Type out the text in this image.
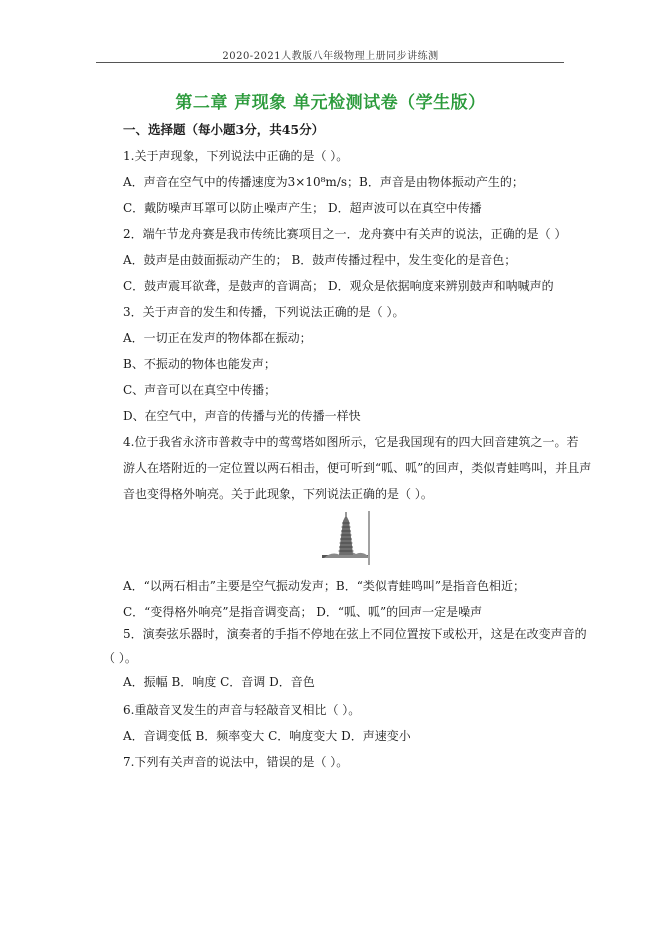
2020-2021人教版八年级物理上册同步讲练测
第二章 声现象 单元检测试卷（学生版）
一、选择题（每小题3分，共45分）
1.关于声现象，下列说法中正确的是（ ）。
A．声音在空气中的传播速度为3×10⁸m/s；B．声音是由物体振动产生的；
C．戴防噪声耳罩可以防止噪声产生； D．超声波可以在真空中传播
2．端午节龙舟赛是我市传统比赛项目之一．龙舟赛中有关声的说法，正确的是（ ）
A．鼓声是由鼓面振动产生的； B．鼓声传播过程中，发生变化的是音色；
C．鼓声震耳欲聋，是鼓声的音调高； D．观众是依据响度来辨别鼓声和呐喊声的
3．关于声音的发生和传播，下列说法正确的是（ ）。
A．一切正在发声的物体都在振动；
B、不振动的物体也能发声；
C、声音可以在真空中传播；
D、在空气中，声音的传播与光的传播一样快
4.位于我省永济市普救寺中的莺莺塔如图所示，它是我国现有的四大回音建筑之一。若
游人在塔附近的一定位置以两石相击，便可听到“呱、呱”的回声，类似青蛙鸣叫，并且声
音也变得格外响亮。关于此现象，下列说法正确的是（ ）。
A．“以两石相击”主要是空气振动发声；B．“类似青蛙鸣叫”是指音色相近；
C．“变得格外响亮”是指音调变高； D．“呱、呱”的回声一定是噪声
5．演奏弦乐器时，演奏者的手指不停地在弦上不同位置按下或松开，这是在改变声音的
（ ）。
A．振幅 B．响度 C．音调 D．音色
6.重敲音叉发生的声音与轻敲音叉相比（ ）。
A．音调变低 B．频率变大 C．响度变大 D．声速变小
7.下列有关声音的说法中，错误的是（ ）。
